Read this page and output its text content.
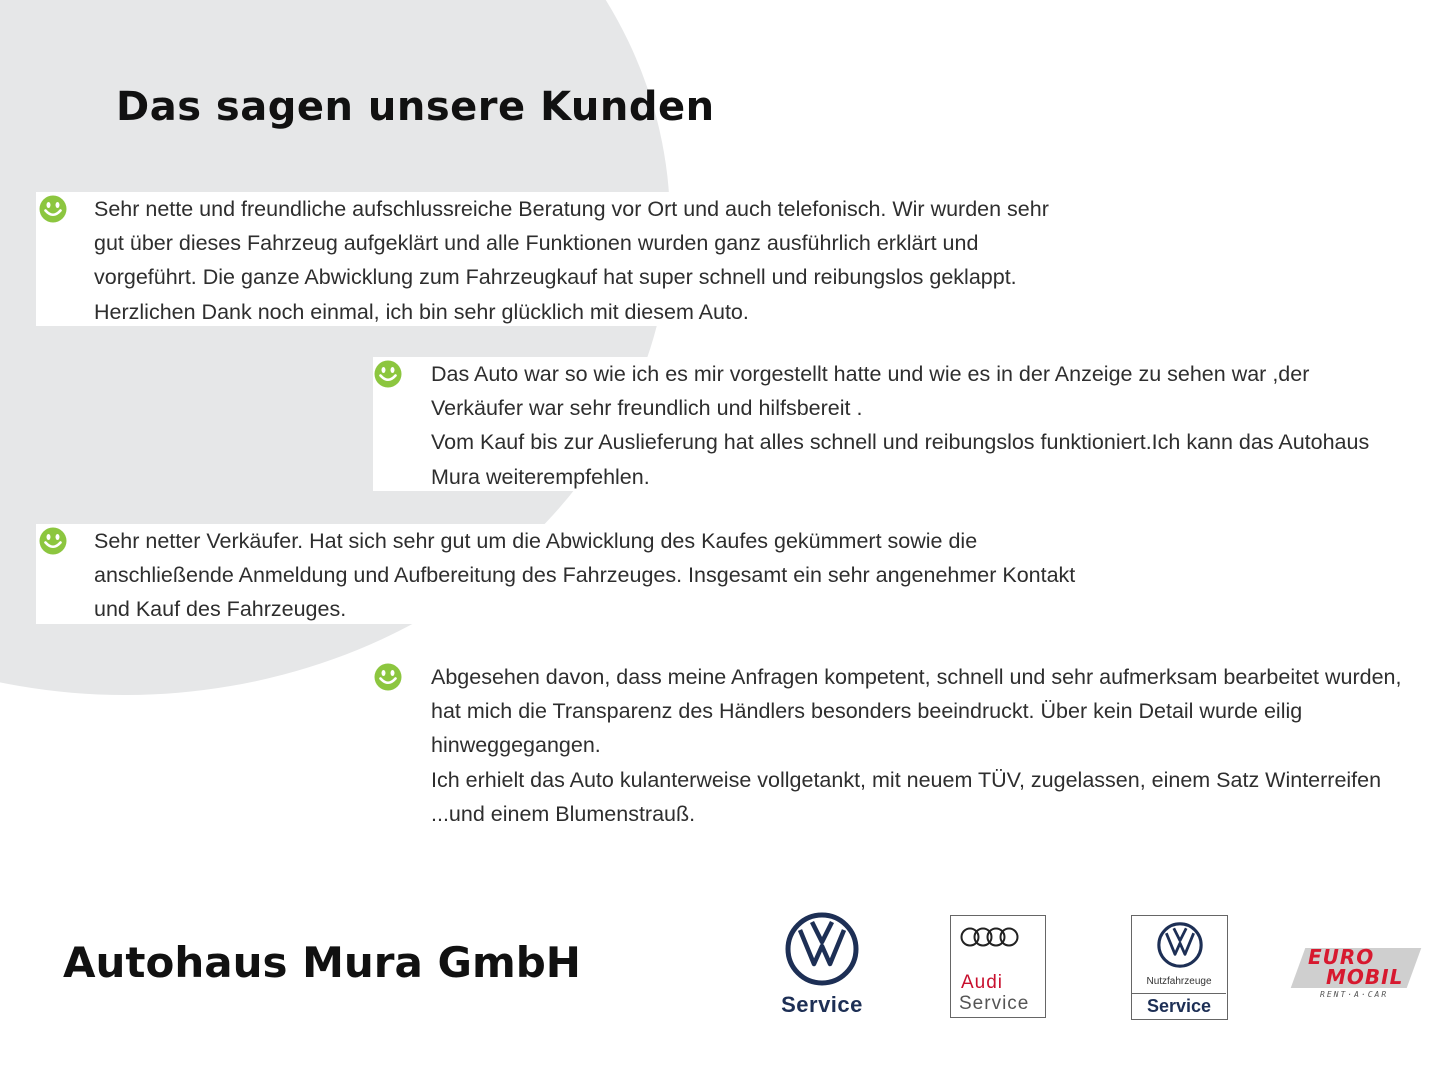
Das sagen unsere Kunden

Sehr nette und freundliche aufschlussreiche Beratung vor Ort und auch telefonisch. Wir wurden sehr gut über dieses Fahrzeug aufgeklärt und alle Funktionen wurden ganz ausführlich erklärt und vorgeführt. Die ganze Abwicklung zum Fahrzeugkauf hat super schnell und reibungslos geklappt. Herzlichen Dank noch einmal, ich bin sehr glücklich mit diesem Auto.

Das Auto war so wie ich es mir vorgestellt hatte und wie es in der Anzeige zu sehen war ,der Verkäufer war sehr freundlich und hilfsbereit .

Vom Kauf bis zur Auslieferung hat alles schnell und reibungslos funktioniert.Ich kann das Autohaus Mura weiterempfehlen.

Sehr netter Verkäufer. Hat sich sehr gut um die Abwicklung des Kaufes gekümmert sowie die anschließende Anmeldung und Aufbereitung des Fahrzeuges. Insgesamt ein sehr angenehmer Kontakt und Kauf des Fahrzeuges.

Abgesehen davon, dass meine Anfragen kompetent, schnell und sehr aufmerksam bearbeitet wurden, hat mich die Transparenz des Händlers besonders beeindruckt. Über kein Detail wurde eilig hinweggegangen.

Ich erhielt das Auto kulanterweise vollgetankt, mit neuem TÜV, zugelassen, einem Satz Winterreifen ...und einem Blumenstrauß.

Autohaus Mura GmbH
Service
Audi
Service
Nutzfahrzeuge
Service
EURO
MOBIL
RENT·A·CAR
